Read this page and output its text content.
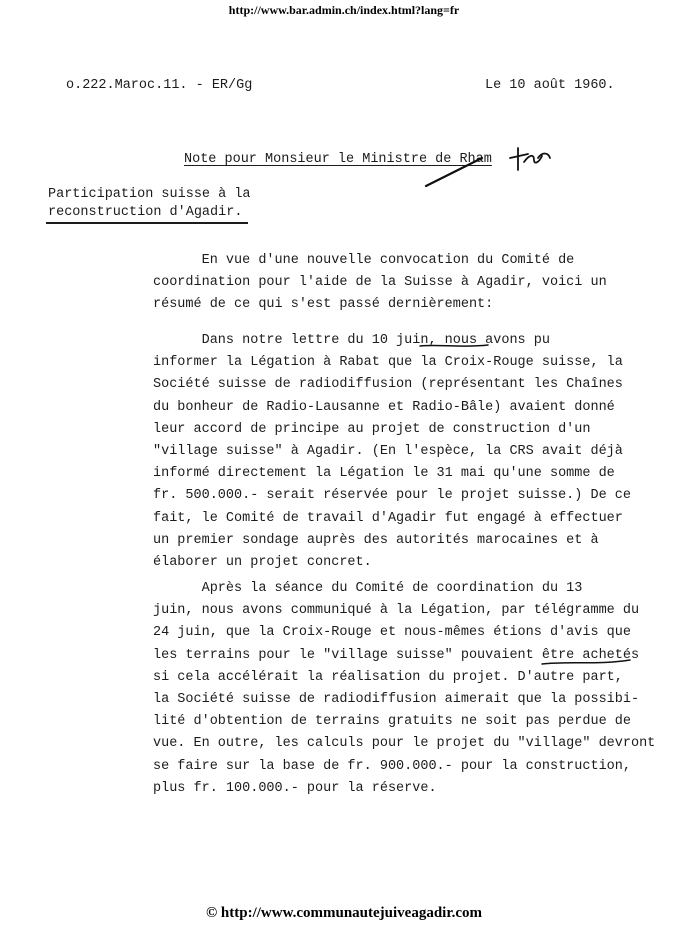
http://www.bar.admin.ch/index.html?lang=fr
o.222.Maroc.11. - ER/Gg	Le 10 août 1960.
Note pour Monsieur le Ministre de Rham
Participation suisse à la
reconstruction d'Agadir.
En vue d'une nouvelle convocation du Comité de
coordination pour l'aide de la Suisse à Agadir, voici un
résumé de ce qui s'est passé dernièrement:
Dans notre lettre du 10 juin, nous avons pu
informer la Légation à Rabat que la Croix-Rouge suisse, la
Société suisse de radiodiffusion (représentant les Chaînes
du bonheur de Radio-Lausanne et Radio-Bâle) avaient donné
leur accord de principe au projet de construction d'un
"village suisse" à Agadir. (En l'espèce, la CRS avait déjà
informé directement la Légation le 31 mai qu'une somme de
fr. 500.000.- serait réservée pour le projet suisse.) De ce
fait, le Comité de travail d'Agadir fut engagé à effectuer
un premier sondage auprès des autorités marocaines et à
élaborer un projet concret.
Après la séance du Comité de coordination du 13
juin, nous avons communiqué à la Légation, par télégramme du
24 juin, que la Croix-Rouge et nous-mêmes étions d'avis que
les terrains pour le "village suisse" pouvaient être achetés
si cela accélérait la réalisation du projet. D'autre part,
la Société suisse de radiodiffusion aimerait que la possibi-
lité d'obtention de terrains gratuits ne soit pas perdue de
vue. En outre, les calculs pour le projet du "village" devront
se faire sur la base de fr. 900.000.- pour la construction,
plus fr. 100.000.- pour la réserve.
© http://www.communautejuiveagadir.com
